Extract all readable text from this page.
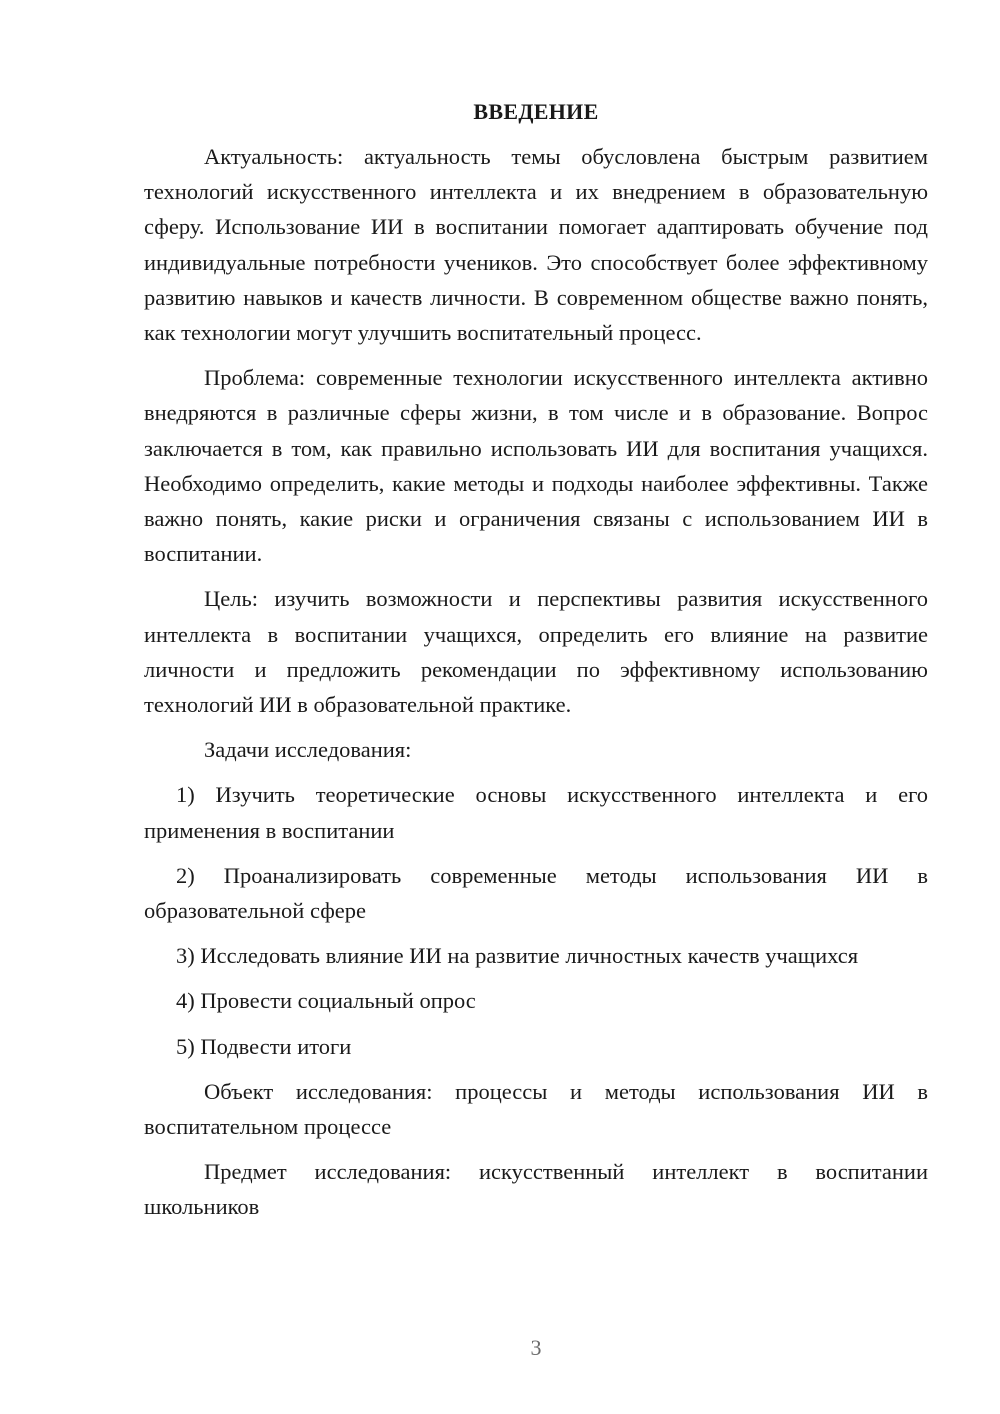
ВВЕДЕНИЕ

Актуальность: актуальность темы обусловлена быстрым развитием технологий искусственного интеллекта и их внедрением в образовательную сферу. Использование ИИ в воспитании помогает адаптировать обучение под индивидуальные потребности учеников. Это способствует более эффективному развитию навыков и качеств личности. В современном обществе важно понять, как технологии могут улучшить воспитательный процесс.

Проблема: современные технологии искусственного интеллекта активно внедряются в различные сферы жизни, в том числе и в образование. Вопрос заключается в том, как правильно использовать ИИ для воспитания учащихся. Необходимо определить, какие методы и подходы наиболее эффективны. Также важно понять, какие риски и ограничения связаны с использованием ИИ в воспитании.

Цель: изучить возможности и перспективы развития искусственного интеллекта в воспитании учащихся, определить его влияние на развитие личности и предложить рекомендации по эффективному использованию технологий ИИ в образовательной практике.

Задачи исследования:

1) Изучить теоретические основы искусственного интеллекта и его применения в воспитании

2) Проанализировать современные методы использования ИИ в образовательной сфере

3) Исследовать влияние ИИ на развитие личностных качеств учащихся

4) Провести социальный опрос

5) Подвести итоги

Объект исследования: процессы и методы использования ИИ в воспитательном процессе

Предмет исследования: искусственный интеллект в воспитании школьников

3
